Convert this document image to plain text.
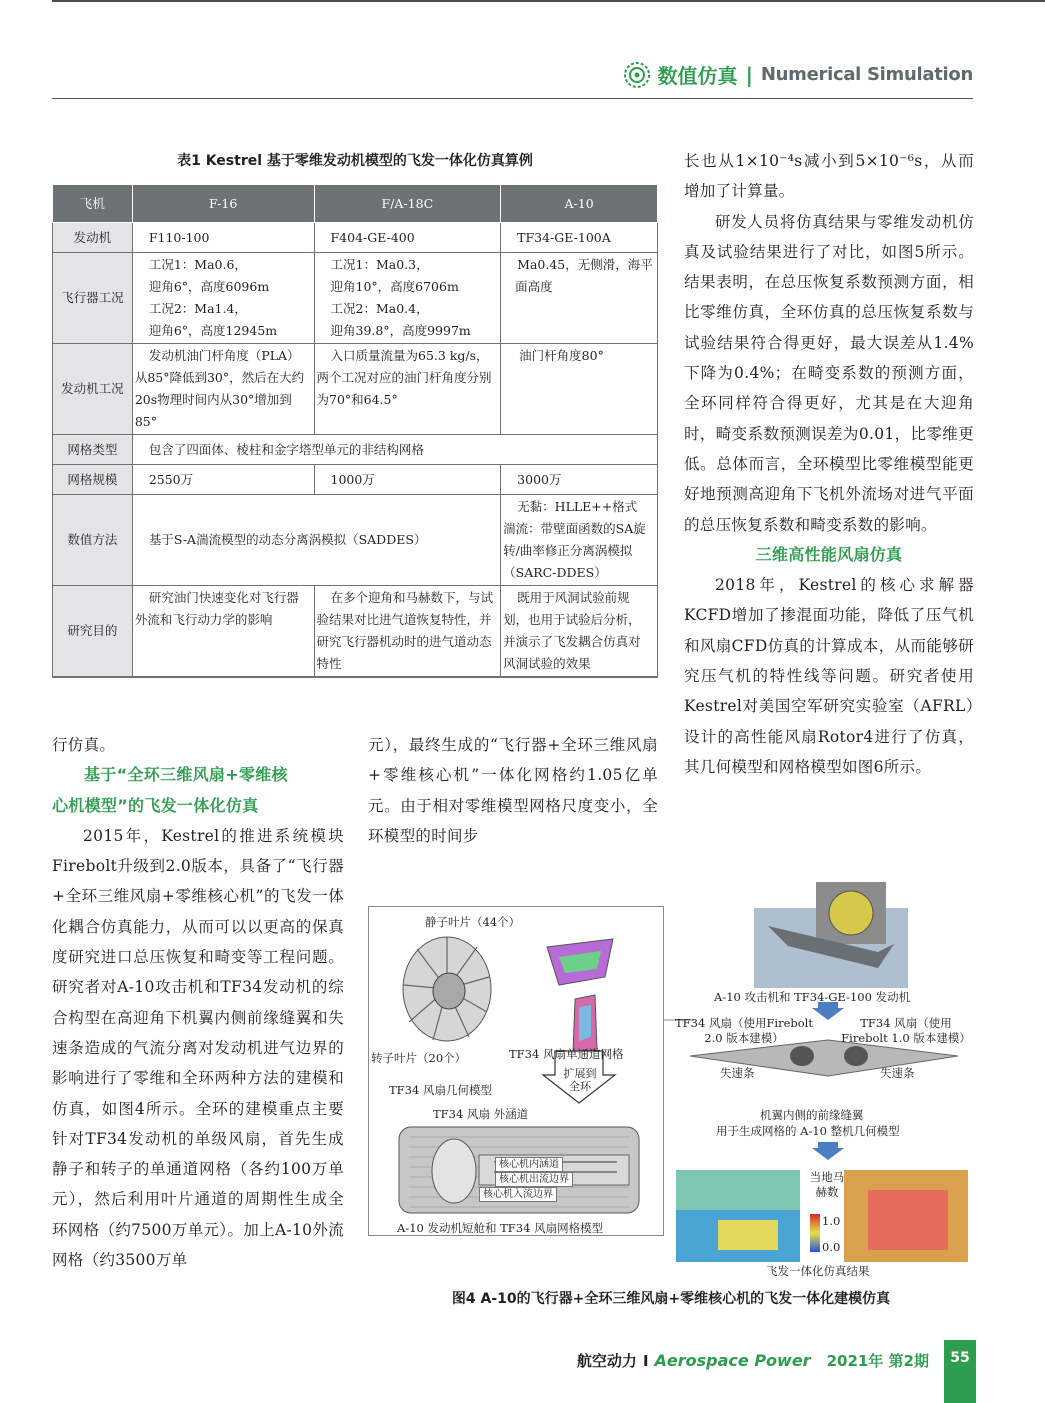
数值仿真 | Numerical Simulation
表1 Kestrel 基于零维发动机模型的飞发一体化仿真算例
飞机	F-16	F/A-18C	A-10
发动机	F110-100	F404-GE-400	TF34-GE-100A
飞行器工况	工况1：Ma0.6，
迎角6°，高度6096m
工况2：Ma1.4，
迎角6°，高度12945m	工况1：Ma0.3，
迎角10°，高度6706m
工况2：Ma0.4，
迎角39.8°，高度9997m	Ma0.45，无侧滑，海平面高度
发动机工况	发动机油门杆角度（PLA）从85°降低到30°，然后在大约20s物理时间内从30°增加到85°	入口质量流量为65.3 kg/s，两个工况对应的油门杆角度分别为70°和64.5°	油门杆角度80°
网格类型	包含了四面体、棱柱和金字塔型单元的非结构网格		
网格规模	2550万	1000万	3000万
数值方法	基于S-A湍流模型的动态分离涡模拟（SADDES）		无黏：HLLE++格式 湍流：带壁面函数的SA旋转/曲率修正分离涡模拟（SARC-DDES）
研究目的	研究油门快速变化对飞行器外流和飞行动力学的影响	在多个迎角和马赫数下，与试验结果对比进气道恢复特性，并研究飞行器机动时的进气道动态特性	既用于风洞试验前规划，也用于试验后分析，并演示了飞发耦合仿真对风洞试验的效果

行仿真。

基于“全环三维风扇+零维核
心机模型”的飞发一体化仿真

2015年，Kestrel的推进系统模块Firebolt升级到2.0版本，具备了“飞行器+全环三维风扇+零维核心机”的飞发一体化耦合仿真能力，从而可以以更高的保真度研究进口总压恢复和畸变等工程问题。研究者对A-10攻击机和TF34发动机的综合构型在高迎角下机翼内侧前缘缝翼和失速条造成的气流分离对发动机进气边界的影响进行了零维和全环两种方法的建模和仿真，如图4所示。全环的建模重点主要针对TF34发动机的单级风扇，首先生成静子和转子的单通道网格（各约100万单元），然后利用叶片通道的周期性生成全环网格（约7500万单元）。加上A-10外流网格（约3500万单

元），最终生成的“飞行器+全环三维风扇+零维核心机”一体化网格约1.05亿单元。由于相对零维模型网格尺度变小，全环模型的时间步

长也从1×10⁻⁴s减小到5×10⁻⁶s，从而增加了计算量。

研发人员将仿真结果与零维发动机仿真及试验结果进行了对比，如图5所示。结果表明，在总压恢复系数预测方面，相比零维仿真，全环仿真的总压恢复系数与试验结果符合得更好，最大误差从1.4%下降为0.4%；在畸变系数的预测方面，全环同样符合得更好，尤其是在大迎角时，畸变系数预测误差为0.01，比零维更低。总体而言，全环模型比零维模型能更好地预测高迎角下飞机外流场对进气平面的总压恢复系数和畸变系数的影响。

三维高性能风扇仿真

2018年，Kestrel的核心求解器KCFD增加了掺混面功能，降低了压气机和风扇CFD仿真的计算成本，从而能够研究压气机的特性线等问题。研究者使用Kestrel对美国空军研究实验室（AFRL）设计的高性能风扇Rotor4进行了仿真，其几何模型和网格模型如图6所示。

静子叶片（44个）
转子叶片（20个）	TF34 风扇单通道网格
TF34 风扇几何模型
扩展到全环
TF34 风扇 外涵道
核心机内涵道
核心机出流边界
核心机入流边界
A-10 发动机短舱和 TF34 风扇网格模型
A-10 攻击机和 TF34-GE-100 发动机
TF34 风扇（使用Firebolt 2.0 版本建模）
TF34 风扇（使用Firebolt 1.0 版本建模）
失速条	失速条
机翼内侧的前缘缝翼
用于生成网格的 A-10 整机几何模型
当地马赫数
1.0
0.0
飞发一体化仿真结果
图4 A-10的飞行器+全环三维风扇+零维核心机的飞发一体化建模仿真
航空动力 I Aerospace Power 2021年 第2期	55
